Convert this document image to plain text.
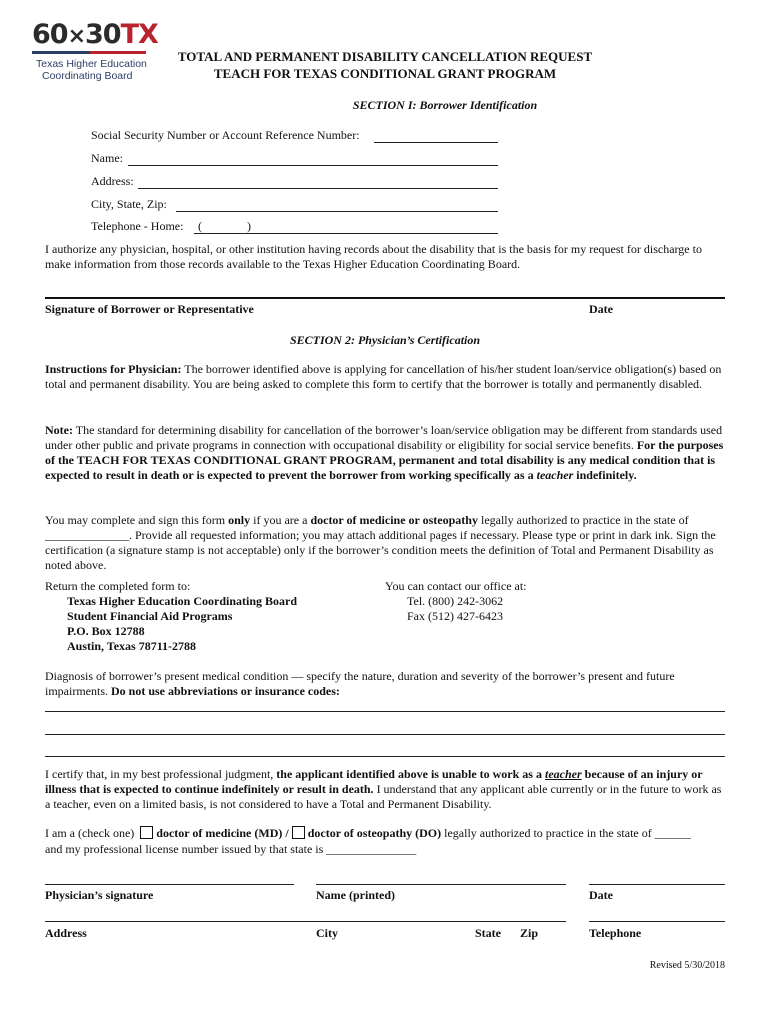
60×30TX
Texas Higher Education
Coordinating Board
TOTAL AND PERMANENT DISABILITY CANCELLATION REQUEST
TEACH FOR TEXAS CONDITIONAL GRANT PROGRAM
SECTION I: Borrower Identification
Social Security Number or Account Reference Number:
Name:
Address:
City, State, Zip:
Telephone - Home: (	)
I authorize any physician, hospital, or other institution having records about the disability that is the basis for my request for discharge to make information from those records available to the Texas Higher Education Coordinating Board.
Signature of Borrower or Representative	Date
SECTION 2: Physician’s Certification
Instructions for Physician: The borrower identified above is applying for cancellation of his/her student loan/service obligation(s) based on total and permanent disability. You are being asked to complete this form to certify that the borrower is totally and permanently disabled.
Note: The standard for determining disability for cancellation of the borrower’s loan/service obligation may be different from standards used under other public and private programs in connection with occupational disability or eligibility for social service benefits. For the purposes of the TEACH FOR TEXAS CONDITIONAL GRANT PROGRAM, permanent and total disability is any medical condition that is expected to result in death or is expected to prevent the borrower from working specifically as a teacher indefinitely.
You may complete and sign this form only if you are a doctor of medicine or osteopathy legally authorized to practice in the state of ______________. Provide all requested information; you may attach additional pages if necessary. Please type or print in dark ink. Sign the certification (a signature stamp is not acceptable) only if the borrower’s condition meets the definition of Total and Permanent Disability as noted above.
Return the completed form to:
Texas Higher Education Coordinating Board
Student Financial Aid Programs
P.O. Box 12788
Austin, Texas 78711-2788
You can contact our office at:
Tel. (800) 242-3062
Fax (512) 427-6423
Diagnosis of borrower’s present medical condition — specify the nature, duration and severity of the borrower’s present and future impairments. Do not use abbreviations or insurance codes:
I certify that, in my best professional judgment, the applicant identified above is unable to work as a teacher because of an injury or illness that is expected to continue indefinitely or result in death. I understand that any applicant able currently or in the future to work as a teacher, even on a limited basis, is not considered to have a Total and Permanent Disability.
I am a (check one) doctor of medicine (MD) / doctor of osteopathy (DO) legally authorized to practice in the state of ______
and my professional license number issued by that state is _______________
Physician’s signature	Name (printed)	Date
Address	City	State Zip	Telephone
Revised 5/30/2018
